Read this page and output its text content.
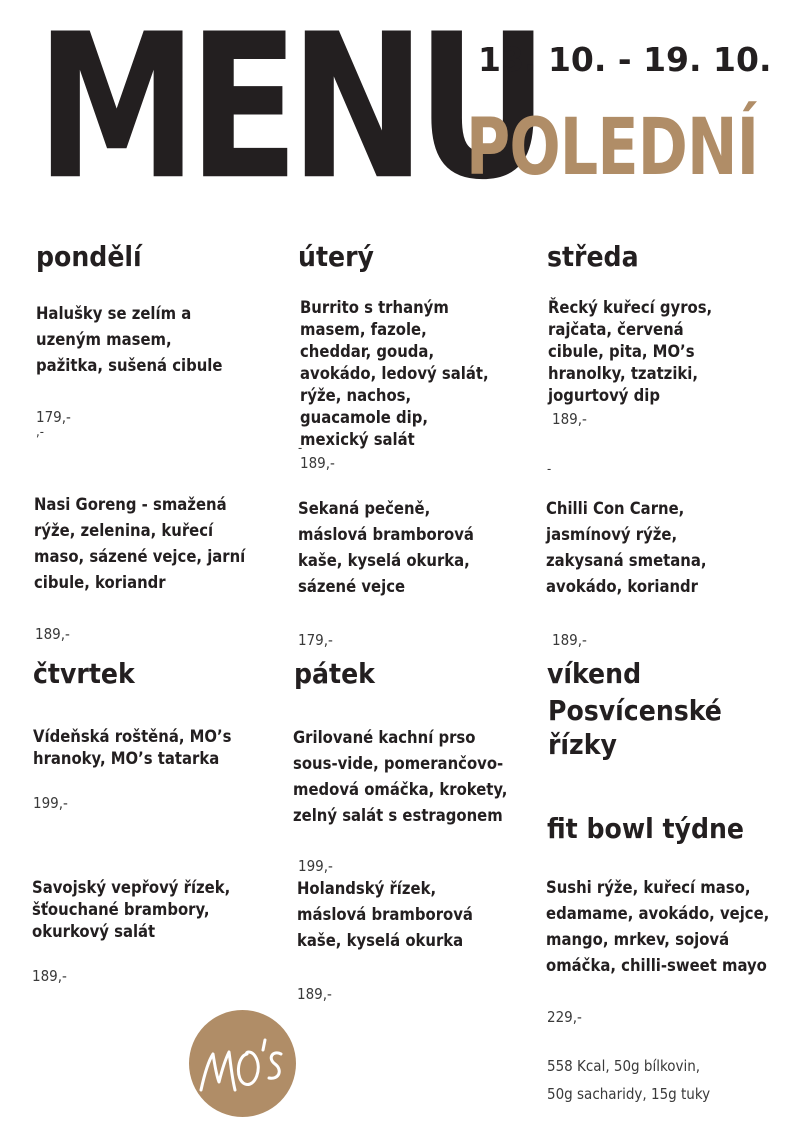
MENU
13. 10. - 19. 10.
POLEDNÍ
pondělí
Halušky se zelím a uzeným masem, pažitka, sušená cibule
179,-
,-
Nasi Goreng - smažená rýže, zelenina, kuřecí maso, sázené vejce, jarní cibule, koriandr
189,-
úterý
Burrito s trhaným masem, fazole, cheddar, gouda, avokádo, ledový salát, rýže, nachos, guacamole dip, mexický salát
-
189,-
Sekaná pečeně, máslová bramborová kaše, kyselá okurka, sázené vejce
179,-
středa
Řecký kuřecí gyros, rajčata, červená cibule, pita, MO’s hranolky, tzatziki, jogurtový dip
189,-
-
Chilli Con Carne, jasmínový rýže, zakysaná smetana, avokádo, koriandr
189,-
čtvrtek
Vídeňská roštěná, MO’s hranoky, MO’s tatarka
199,-
Savojský vepřový řízek, šťouchané brambory, okurkový salát
189,-
pátek
Grilované kachní prso sous-vide, pomerančovo-medová omáčka, krokety, zelný salát s estragonem
199,-
Holandský řízek, máslová bramborová kaše, kyselá okurka
189,-
víkend
Posvícenské řízky
fit bowl týdne
Sushi rýže, kuřecí maso, edamame, avokádo, vejce, mango, mrkev, sojová omáčka, chilli-sweet mayo
229,-
558 Kcal, 50g bílkovin,
50g sacharidy, 15g tuky
